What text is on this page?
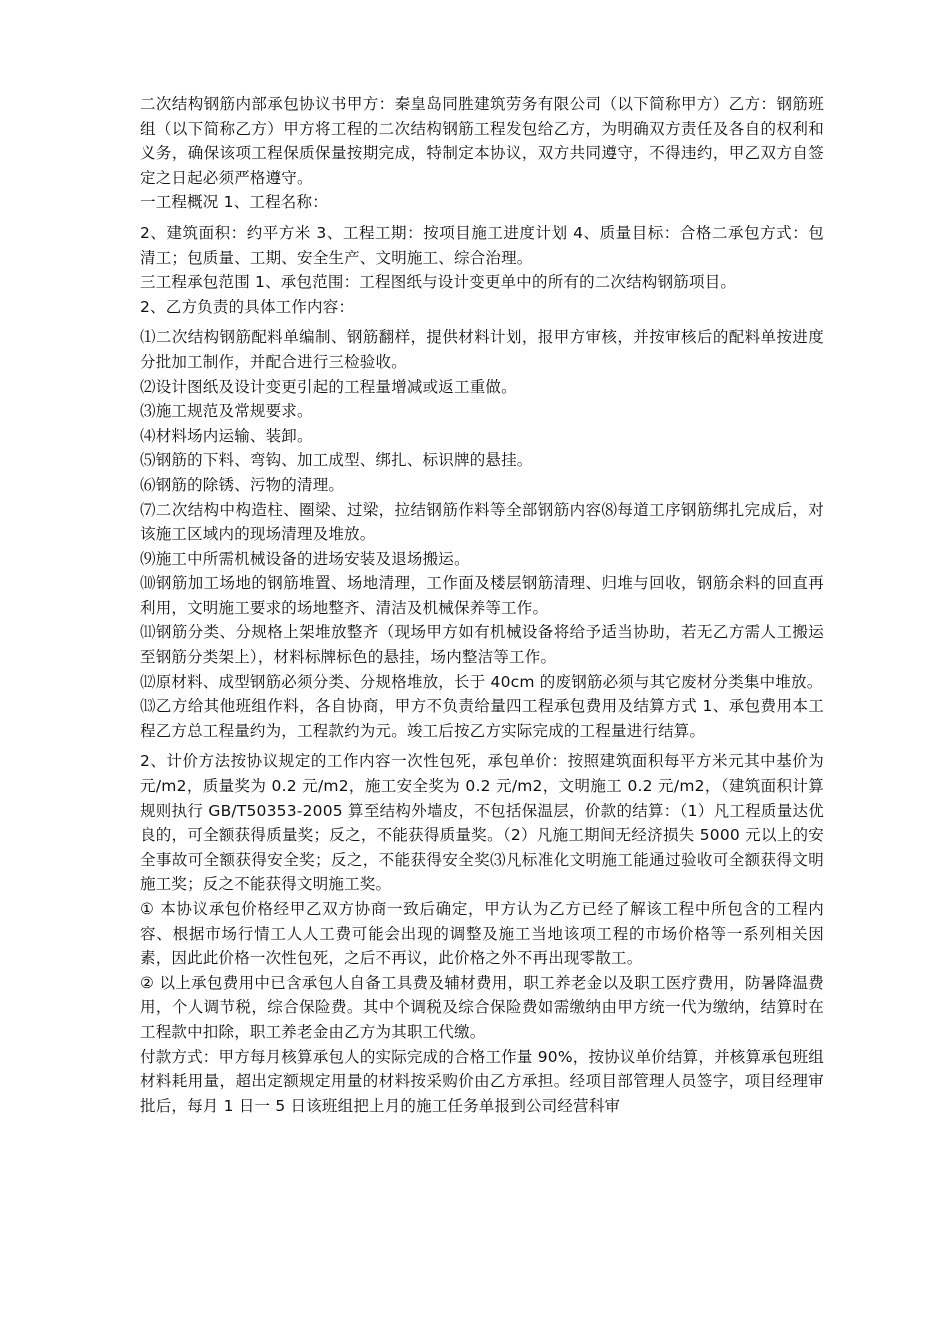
二次结构钢筋内部承包协议书甲方：秦皇岛同胜建筑劳务有限公司（以下简称甲方）乙方：钢筋班组（以下简称乙方）甲方将工程的二次结构钢筋工程发包给乙方，为明确双方责任及各自的权利和义务，确保该项工程保质保量按期完成，特制定本协议，双方共同遵守，不得违约，甲乙双方自签定之日起必须严格遵守。

一工程概况 1、工程名称：

2、建筑面积：约平方米 3、工程工期：按项目施工进度计划 4、质量目标：合格二承包方式：包清工；包质量、工期、安全生产、文明施工、综合治理。

三工程承包范围 1、承包范围：工程图纸与设计变更单中的所有的二次结构钢筋项目。

2、乙方负责的具体工作内容：

⑴二次结构钢筋配料单编制、钢筋翻样，提供材料计划，报甲方审核，并按审核后的配料单按进度分批加工制作，并配合进行三检验收。

⑵设计图纸及设计变更引起的工程量增减或返工重做。

⑶施工规范及常规要求。

⑷材料场内运输、装卸。

⑸钢筋的下料、弯钩、加工成型、绑扎、标识牌的悬挂。

⑹钢筋的除锈、污物的清理。

⑺二次结构中构造柱、圈梁、过梁，拉结钢筋作料等全部钢筋内容⑻每道工序钢筋绑扎完成后，对该施工区域内的现场清理及堆放。

⑼施工中所需机械设备的进场安装及退场搬运。

⑽钢筋加工场地的钢筋堆置、场地清理，工作面及楼层钢筋清理、归堆与回收，钢筋余料的回直再利用，文明施工要求的场地整齐、清洁及机械保养等工作。

⑾钢筋分类、分规格上架堆放整齐（现场甲方如有机械设备将给予适当协助，若无乙方需人工搬运至钢筋分类架上），材料标牌标色的悬挂，场内整洁等工作。

⑿原材料、成型钢筋必须分类、分规格堆放，长于 40cm 的废钢筋必须与其它废材分类集中堆放。

⒀乙方给其他班组作料，各自协商，甲方不负责给量四工程承包费用及结算方式 1、承包费用本工程乙方总工程量约为，工程款约为元。竣工后按乙方实际完成的工程量进行结算。

2、计价方法按协议规定的工作内容一次性包死，承包单价：按照建筑面积每平方米元其中基价为元/m2，质量奖为 0.2 元/m2，施工安全奖为 0.2 元/m2，文明施工 0.2 元/m2，（建筑面积计算规则执行 GB/T50353-2005 算至结构外墙皮，不包括保温层，价款的结算：（1）凡工程质量达优良的，可全额获得质量奖；反之，不能获得质量奖。（2）凡施工期间无经济损失 5000 元以上的安全事故可全额获得安全奖；反之，不能获得安全奖⑶凡标准化文明施工能通过验收可全额获得文明施工奖；反之不能获得文明施工奖。

① 本协议承包价格经甲乙双方协商一致后确定，甲方认为乙方已经了解该工程中所包含的工程内容、根据市场行情工人人工费可能会出现的调整及施工当地该项工程的市场价格等一系列相关因素，因此此价格一次性包死，之后不再议，此价格之外不再出现零散工。

② 以上承包费用中已含承包人自备工具费及辅材费用，职工养老金以及职工医疗费用，防暑降温费用，个人调节税，综合保险费。其中个调税及综合保险费如需缴纳由甲方统一代为缴纳，结算时在工程款中扣除，职工养老金由乙方为其职工代缴。

付款方式：甲方每月核算承包人的实际完成的合格工作量 90%，按协议单价结算，并核算承包班组材料耗用量，超出定额规定用量的材料按采购价由乙方承担。经项目部管理人员签字，项目经理审批后，每月 1 日一 5 日该班组把上月的施工任务单报到公司经营科审
